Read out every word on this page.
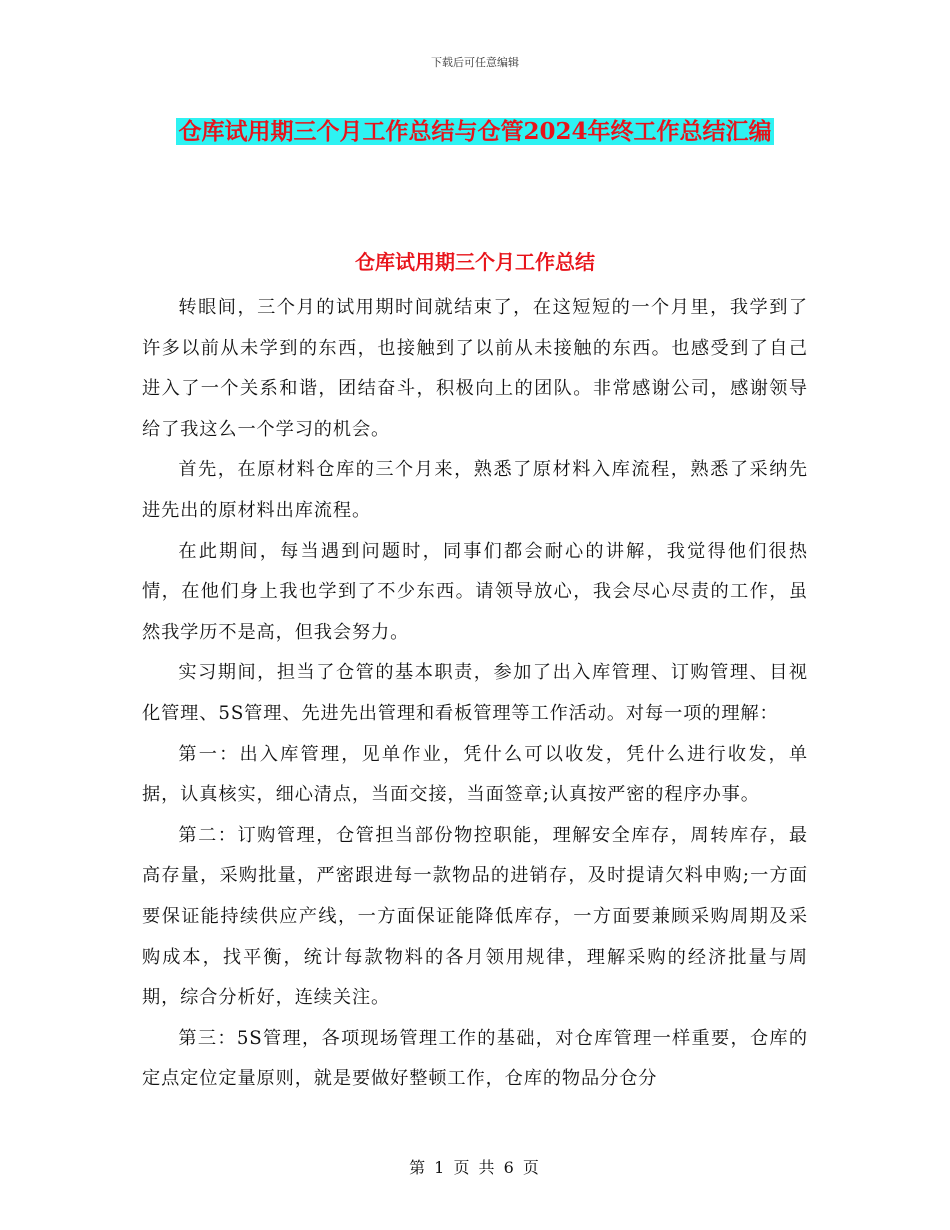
下载后可任意编辑
仓库试用期三个月工作总结与仓管2024年终工作总结汇编
仓库试用期三个月工作总结

转眼间，三个月的试用期时间就结束了，在这短短的一个月里，我学到了许多以前从未学到的东西，也接触到了以前从未接触的东西。也感受到了自己进入了一个关系和谐，团结奋斗，积极向上的团队。非常感谢公司，感谢领导给了我这么一个学习的机会。

首先，在原材料仓库的三个月来，熟悉了原材料入库流程，熟悉了采纳先进先出的原材料出库流程。

在此期间，每当遇到问题时，同事们都会耐心的讲解，我觉得他们很热情，在他们身上我也学到了不少东西。请领导放心，我会尽心尽责的工作，虽然我学历不是高，但我会努力。

实习期间，担当了仓管的基本职责，参加了出入库管理、订购管理、目视化管理、5S管理、先进先出管理和看板管理等工作活动。对每一项的理解：

第一：出入库管理，见单作业，凭什么可以收发，凭什么进行收发，单据，认真核实，细心清点，当面交接，当面签章;认真按严密的程序办事。

第二：订购管理，仓管担当部份物控职能，理解安全库存，周转库存，最高存量，采购批量，严密跟进每一款物品的进销存，及时提请欠料申购;一方面要保证能持续供应产线，一方面保证能降低库存，一方面要兼顾采购周期及采购成本，找平衡，统计每款物料的各月领用规律，理解采购的经济批量与周期，综合分析好，连续关注。

第三：5S管理，各项现场管理工作的基础，对仓库管理一样重要，仓库的定点定位定量原则，就是要做好整顿工作，仓库的物品分仓分

第 1 页 共 6 页
